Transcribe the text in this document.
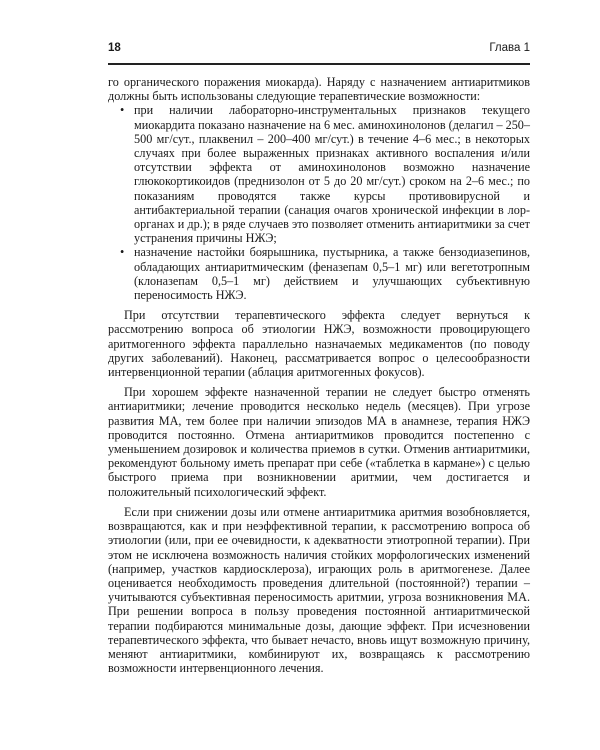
18	Глава 1

го органического поражения миокарда). Наряду с назначением антиаритмиков должны быть использованы следующие терапевтические возможности:

• при наличии лабораторно-инструментальных признаков текущего миокардита показано назначение на 6 мес. аминохинолонов (делагил – 250–500 мг/сут., плаквенил – 200–400 мг/сут.) в течение 4–6 мес.; в некоторых случаях при более выраженных признаках активного воспаления и/или отсутствии эффекта от аминохинолонов возможно назначение глюкокортикоидов (преднизолон от 5 до 20 мг/сут.) сроком на 2–6 мес.; по показаниям проводятся также курсы противовирусной и антибактериальной терапии (санация очагов хронической инфекции в лор-органах и др.); в ряде случаев это позволяет отменить антиаритмики за счет устранения причины НЖЭ;
• назначение настойки боярышника, пустырника, а также бензодиазепинов, обладающих антиаритмическим (феназепам 0,5–1 мг) или вегетотропным (клоназепам 0,5–1 мг) действием и улучшающих субъективную переносимость НЖЭ.

При отсутствии терапевтического эффекта следует вернуться к рассмотрению вопроса об этиологии НЖЭ, возможности провоцирующего аритмогенного эффекта параллельно назначаемых медикаментов (по поводу других заболеваний). Наконец, рассматривается вопрос о целесообразности интервенционной терапии (аблация аритмогенных фокусов).

При хорошем эффекте назначенной терапии не следует быстро отменять антиаритмики; лечение проводится несколько недель (месяцев). При угрозе развития МА, тем более при наличии эпизодов МА в анамнезе, терапия НЖЭ проводится постоянно. Отмена антиаритмиков проводится постепенно с уменьшением дозировок и количества приемов в сутки. Отменив антиаритмики, рекомендуют больному иметь препарат при себе («таблетка в кармане») с целью быстрого приема при возникновении аритмии, чем достигается и положительный психологический эффект.

Если при снижении дозы или отмене антиаритмика аритмия возобновляется, возвращаются, как и при неэффективной терапии, к рассмотрению вопроса об этиологии (или, при ее очевидности, к адекватности этиотропной терапии). При этом не исключена возможность наличия стойких морфологических изменений (например, участков кардиосклероза), играющих роль в аритмогенезе. Далее оценивается необходимость проведения длительной (постоянной?) терапии – учитываются субъективная переносимость аритмии, угроза возникновения МА. При решении вопроса в пользу проведения постоянной антиаритмической терапии подбираются минимальные дозы, дающие эффект. При исчезновении терапевтического эффекта, что бывает нечасто, вновь ищут возможную причину, меняют антиаритмики, комбинируют их, возвращаясь к рассмотрению возможности интервенционного лечения.
